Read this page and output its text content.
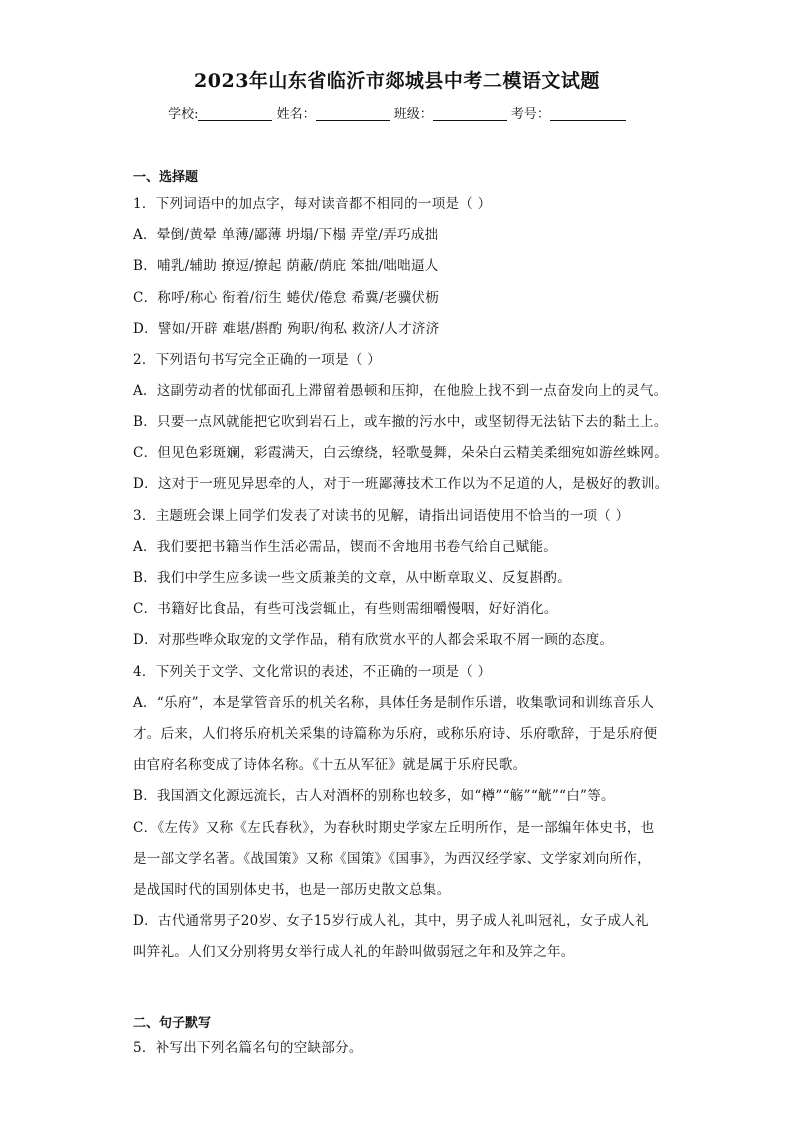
2023年山东省临沂市郯城县中考二模语文试题
学校:	姓名：	班级：	考号：
一、选择题
1．下列词语中的加点字，每对读音都不相同的一项是（ ）
A．晕倒/黄晕 单薄/鄙薄 坍塌/下榻 弄堂/弄巧成拙
B．哺乳/辅助 撩逗/撩起 荫蔽/荫庇 笨拙/咄咄逼人
C．称呼/称心 衔着/衍生 蜷伏/倦怠 希冀/老骥伏枥
D．譬如/开辟 难堪/斟酌 殉职/徇私 救济/人才济济
2．下列语句书写完全正确的一项是（ ）
A．这副劳动者的忧郁面孔上滞留着愚顿和压抑，在他脸上找不到一点奋发向上的灵气。
B．只要一点风就能把它吹到岩石上，或车撤的污水中，或坚韧得无法钻下去的黏土上。
C．但见色彩斑斓，彩霞满天，白云缭绕，轻歌曼舞，朵朵白云精美柔细宛如游丝蛛网。
D．这对于一班见异思牵的人，对于一班鄙薄技术工作以为不足道的人，是极好的教训。
3．主题班会课上同学们发表了对读书的见解，请指出词语使用不恰当的一项（ ）
A．我们要把书籍当作生活必需品，锲而不舍地用书卷气给自己赋能。
B．我们中学生应多读一些文质兼美的文章，从中断章取义、反复斟酌。
C．书籍好比食品，有些可浅尝辄止，有些则需细嚼慢咽，好好消化。
D．对那些哗众取宠的文学作品，稍有欣赏水平的人都会采取不屑一顾的态度。
4．下列关于文学、文化常识的表述，不正确的一项是（ ）
A．“乐府”，本是掌管音乐的机关名称，具体任务是制作乐谱，收集歌词和训练音乐人
才。后来，人们将乐府机关采集的诗篇称为乐府，或称乐府诗、乐府歌辞，于是乐府便
由官府名称变成了诗体名称。《十五从军征》就是属于乐府民歌。
B．我国酒文化源远流长，古人对酒杯的别称也较多，如“樽”“觞”“觥”“白”等。
C．《左传》又称《左氏春秋》，为春秋时期史学家左丘明所作，是一部编年体史书，也
是一部文学名著。《战国策》又称《国策》《国事》，为西汉经学家、文学家刘向所作，
是战国时代的国别体史书，也是一部历史散文总集。
D．古代通常男子20岁、女子15岁行成人礼，其中，男子成人礼叫冠礼，女子成人礼
叫笄礼。人们又分别将男女举行成人礼的年龄叫做弱冠之年和及笄之年。
二、句子默写
5．补写出下列名篇名句的空缺部分。
